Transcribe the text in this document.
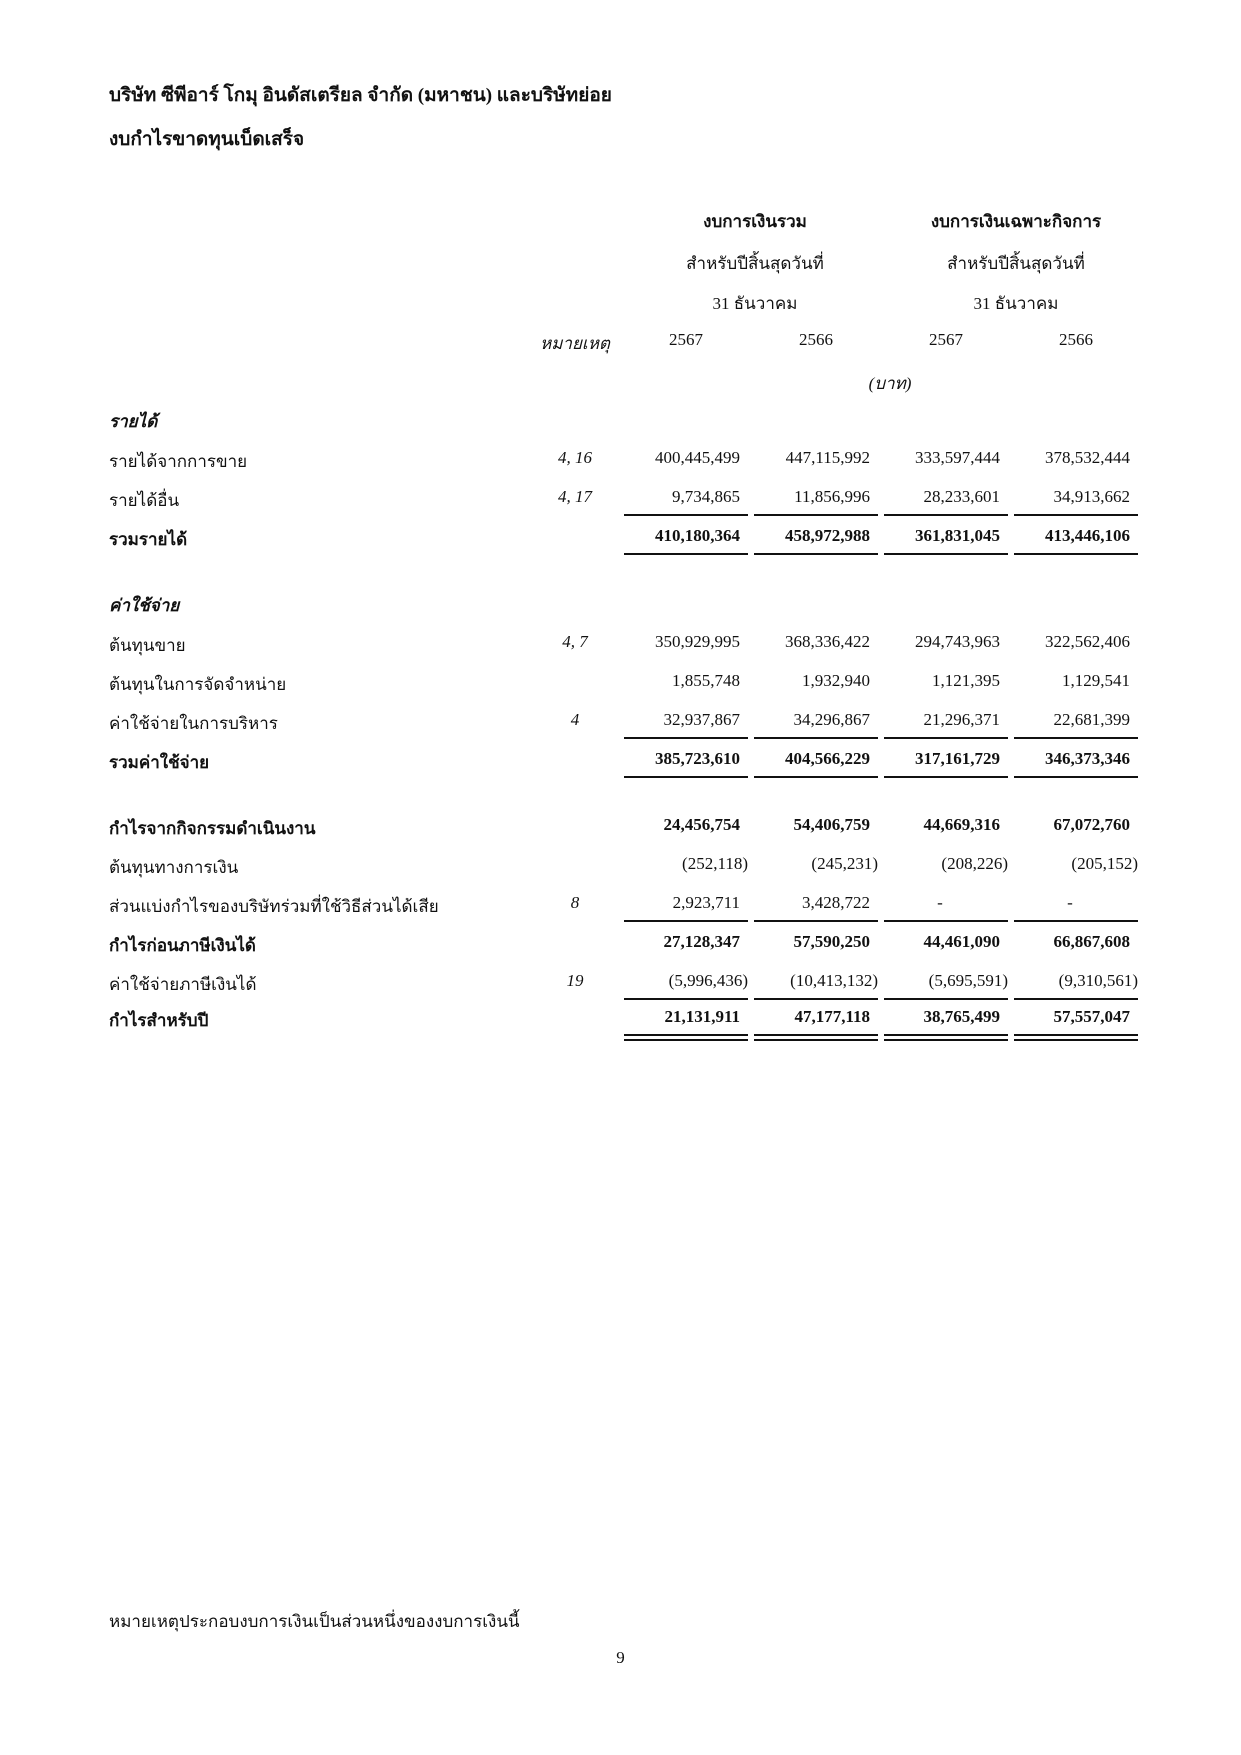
บริษัท ซีพีอาร์ โกมุ อินดัสเตรียล จำกัด (มหาชน) และบริษัทย่อย
งบกำไรขาดทุนเบ็ดเสร็จ
งบการเงินรวม
สำหรับปีสิ้นสุดวันที่
31 ธันวาคม
งบการเงินเฉพาะกิจการ
สำหรับปีสิ้นสุดวันที่
31 ธันวาคม
หมายเหตุ	2567	2566	2567	2566
(บาท)
รายได้
รายได้จากการขาย	4, 16	400,445,499	447,115,992	333,597,444	378,532,444
รายได้อื่น	4, 17	9,734,865	11,856,996	28,233,601	34,913,662
รวมรายได้	410,180,364	458,972,988	361,831,045	413,446,106
ค่าใช้จ่าย
ต้นทุนขาย	4, 7	350,929,995	368,336,422	294,743,963	322,562,406
ต้นทุนในการจัดจำหน่าย	1,855,748	1,932,940	1,121,395	1,129,541
ค่าใช้จ่ายในการบริหาร	4	32,937,867	34,296,867	21,296,371	22,681,399
รวมค่าใช้จ่าย	385,723,610	404,566,229	317,161,729	346,373,346
กำไรจากกิจกรรมดำเนินงาน	24,456,754	54,406,759	44,669,316	67,072,760
ต้นทุนทางการเงิน	(252,118)	(245,231)	(208,226)	(205,152)
ส่วนแบ่งกำไรของบริษัทร่วมที่ใช้วิธีส่วนได้เสีย	8	2,923,711	3,428,722	-	-
กำไรก่อนภาษีเงินได้	27,128,347	57,590,250	44,461,090	66,867,608
ค่าใช้จ่ายภาษีเงินได้	19	(5,996,436)	(10,413,132)	(5,695,591)	(9,310,561)
กำไรสำหรับปี	21,131,911	47,177,118	38,765,499	57,557,047
หมายเหตุประกอบงบการเงินเป็นส่วนหนึ่งของงบการเงินนี้
9
